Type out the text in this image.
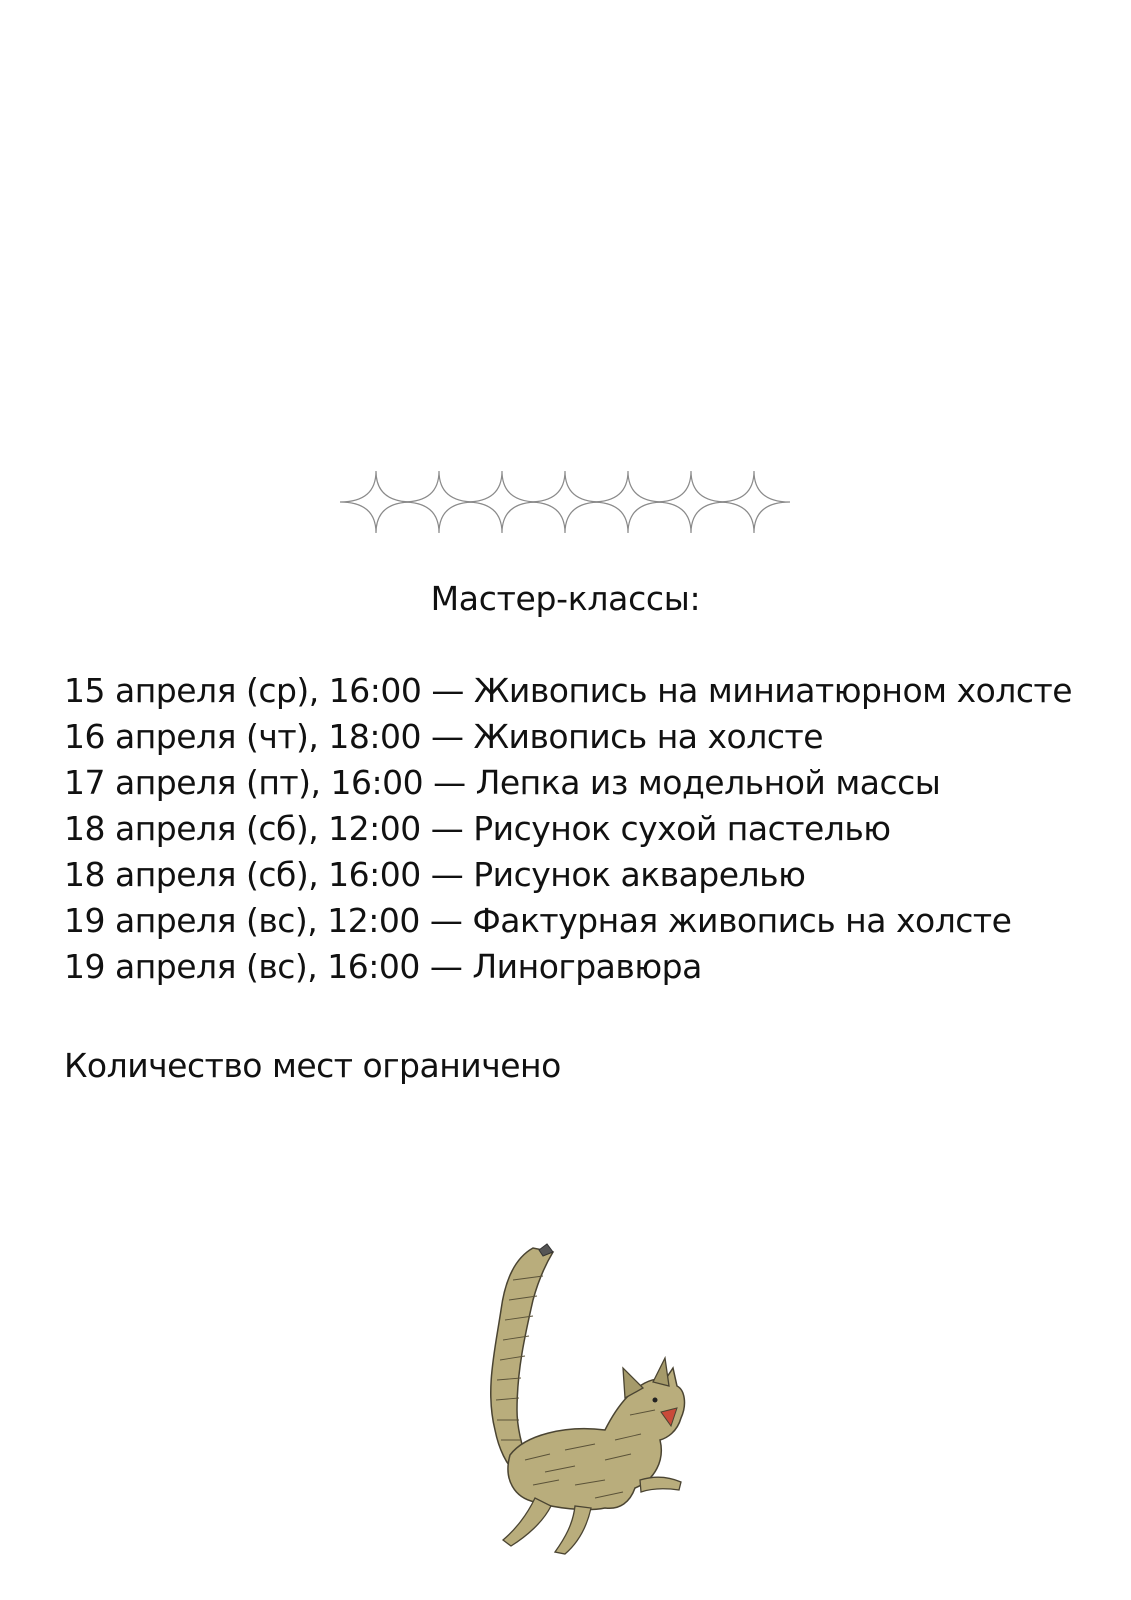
Мастер-классы:
15 апреля (ср), 16:00 — Живопись на миниатюрном холсте
16 апреля (чт), 18:00 — Живопись на холсте
17 апреля (пт), 16:00 — Лепка из модельной массы
18 апреля (сб), 12:00 — Рисунок сухой пастелью
18 апреля (сб), 16:00 — Рисунок акварелью
19 апреля (вс), 12:00 — Фактурная живопись на холсте
19 апреля (вс), 16:00 — Линогравюра
Количество мест ограничено
